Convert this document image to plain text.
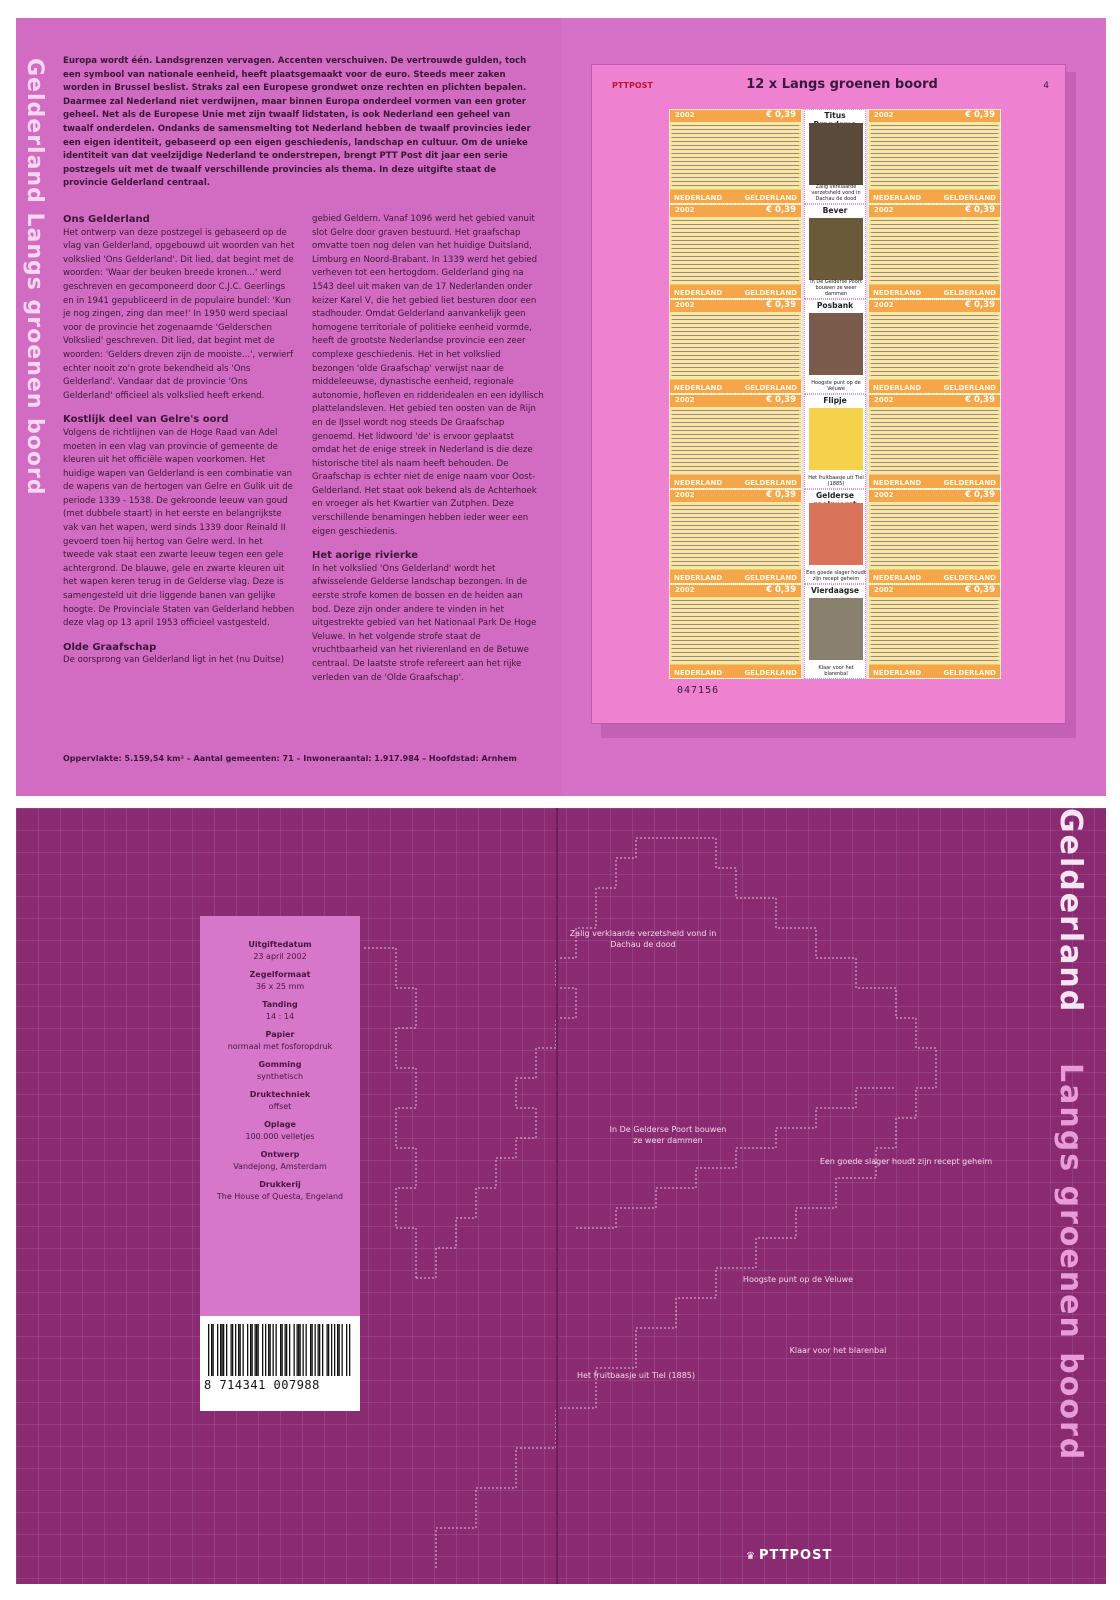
Gelderland Langs groenen boord Europa wordt één. Landsgrenzen vervagen. Accenten verschuiven. De vertrouwde gulden, toch een symbool van nationale eenheid, heeft plaatsgemaakt voor de euro. Steeds meer zaken worden in Brussel beslist. Straks zal een Europese grondwet onze rechten en plichten bepalen. Daarmee zal Nederland niet verdwijnen, maar binnen Europa onderdeel vormen van een groter geheel. Net als de Europese Unie met zijn twaalf lidstaten, is ook Nederland een geheel van twaalf onderdelen. Ondanks de samensmelting tot Nederland hebben de twaalf provincies ieder een eigen identiteit, gebaseerd op een eigen geschiedenis, landschap en cultuur. Om de unieke identiteit van dat veelzijdige Nederland te onderstrepen, brengt PTT Post dit jaar een serie postzegels uit met de twaalf verschillende provincies als thema. In deze uitgifte staat de provincie Gelderland centraal.
Ons Gelderland

Het ontwerp van deze postzegel is gebaseerd op de vlag van Gelderland, opgebouwd uit woorden van het volkslied 'Ons Gelderland'. Dit lied, dat begint met de woorden: 'Waar der beuken breede kronen...' werd geschreven en gecomponeerd door C.J.C. Geerlings en in 1941 gepubliceerd in de populaire bundel: 'Kun je nog zingen, zing dan mee!' In 1950 werd speciaal voor de provincie het zogenaamde 'Gelderschen Volkslied' geschreven. Dit lied, dat begint met de woorden: 'Gelders dreven zijn de mooiste...', verwierf echter nooit zo'n grote bekendheid als 'Ons Gelderland'. Vandaar dat de provincie 'Ons Gelderland' officieel als volkslied heeft erkend.

Kostlijk deel van Gelre's oord

Volgens de richtlijnen van de Hoge Raad van Adel moeten in een vlag van provincie of gemeente de kleuren uit het officiële wapen voorkomen. Het huidige wapen van Gelderland is een combinatie van de wapens van de hertogen van Gelre en Gulik uit de periode 1339 - 1538. De gekroonde leeuw van goud (met dubbele staart) in het eerste en belangrijkste vak van het wapen, werd sinds 1339 door Reinald II gevoerd toen hij hertog van Gelre werd. In het tweede vak staat een zwarte leeuw tegen een gele achtergrond. De blauwe, gele en zwarte kleuren uit het wapen keren terug in de Gelderse vlag. Deze is samengesteld uit drie liggende banen van gelijke hoogte. De Provinciale Staten van Gelderland hebben deze vlag op 13 april 1953 officieel vastgesteld.

Olde Graafschap

De oorsprong van Gelderland ligt in het (nu Duitse)

gebied Geldern. Vanaf 1096 werd het gebied vanuit slot Gelre door graven bestuurd. Het graafschap omvatte toen nog delen van het huidige Duitsland, Limburg en Noord-Brabant. In 1339 werd het gebied verheven tot een hertogdom. Gelderland ging na 1543 deel uit maken van de 17 Nederlanden onder keizer Karel V, die het gebied liet besturen door een stadhouder. Omdat Gelderland aanvankelijk geen homogene territoriale of politieke eenheid vormde, heeft de grootste Nederlandse provincie een zeer complexe geschiedenis. Het in het volkslied bezongen 'olde Graafschap' verwijst naar de middeleeuwse, dynastische eenheid, regionale autonomie, hofleven en ridderidealen en een idyllisch plattelandsleven. Het gebied ten oosten van de Rijn en de IJssel wordt nog steeds De Graafschap genoemd. Het lidwoord 'de' is ervoor geplaatst omdat het de enige streek in Nederland is die deze historische titel als naam heeft behouden. De Graafschap is echter niet de enige naam voor Oost-Gelderland. Het staat ook bekend als de Achterhoek en vroeger als het Kwartier van Zutphen. Deze verschillende benamingen hebben ieder weer een eigen geschiedenis.

Het aorige rivierke

In het volkslied 'Ons Gelderland' wordt het afwisselende Gelderse landschap bezongen. In de eerste strofe komen de bossen en de heiden aan bod. Deze zijn onder andere te vinden in het uitgestrekte gebied van het Nationaal Park De Hoge Veluwe. In het volgende strofe staat de vruchtbaarheid van het rivierenland en de Betuwe centraal. De laatste strofe refereert aan het rijke verleden van de 'Olde Graafschap'.

Oppervlakte: 5.159,54 km² – Aantal gemeenten: 71 – Inwoneraantal: 1.917.984 – Hoofdstad: Arnhem
PTTPOST	12 x Langs groenen boord	4
2002	€ 0,39
NEDERLAND	GELDERLAND
2002	€ 0,39
NEDERLAND	GELDERLAND
Titus
Zalig verklaarde verzetsheld vond in Dachau de dood
2002	€ 0,39
NEDERLAND	GELDERLAND
2002	€ 0,39
NEDERLAND	GELDERLAND
Bever
In De Gelderse Poort bouwen ze weer dammen
2002	€ 0,39
NEDERLAND	GELDERLAND
2002	€ 0,39
NEDERLAND	GELDERLAND
Posbank
Hoogste punt op de Veluwe
2002	€ 0,39
NEDERLAND	GELDERLAND
2002	€ 0,39
NEDERLAND	GELDERLAND
Flipje
Het fruitbaasje uit Tiel (1885)
2002	€ 0,39
NEDERLAND	GELDERLAND
2002	€ 0,39
NEDERLAND	GELDERLAND
Gelderse
Een goede slager houdt zijn recept geheim
2002	€ 0,39
NEDERLAND	GELDERLAND
2002	€ 0,39
NEDERLAND	GELDERLAND
Vierdaagse
Klaar voor het blarenbal
047156
Uitgiftedatum
23 april 2002
Zegelformaat
36 x 25 mm
Tanding
14 : 14
Papier
normaal met fosforopdruk
Gomming
synthetisch
Druktechniek
offset
Oplage
100.000 velletjes
Ontwerp
Vandejong, Amsterdam
Drukkerij
The House of Questa, Engeland
8 714341 007988
Zalig verklaarde verzetsheld vond in Dachau de dood
In De Gelderse Poort bouwen ze weer dammen
Een goede slager houdt zijn recept geheim
Hoogste punt op de Veluwe
Klaar voor het blarenbal
Het fruitbaasje uit Tiel (1885)
Gelderland    Langs groenen boord
♛ PTTPOST
